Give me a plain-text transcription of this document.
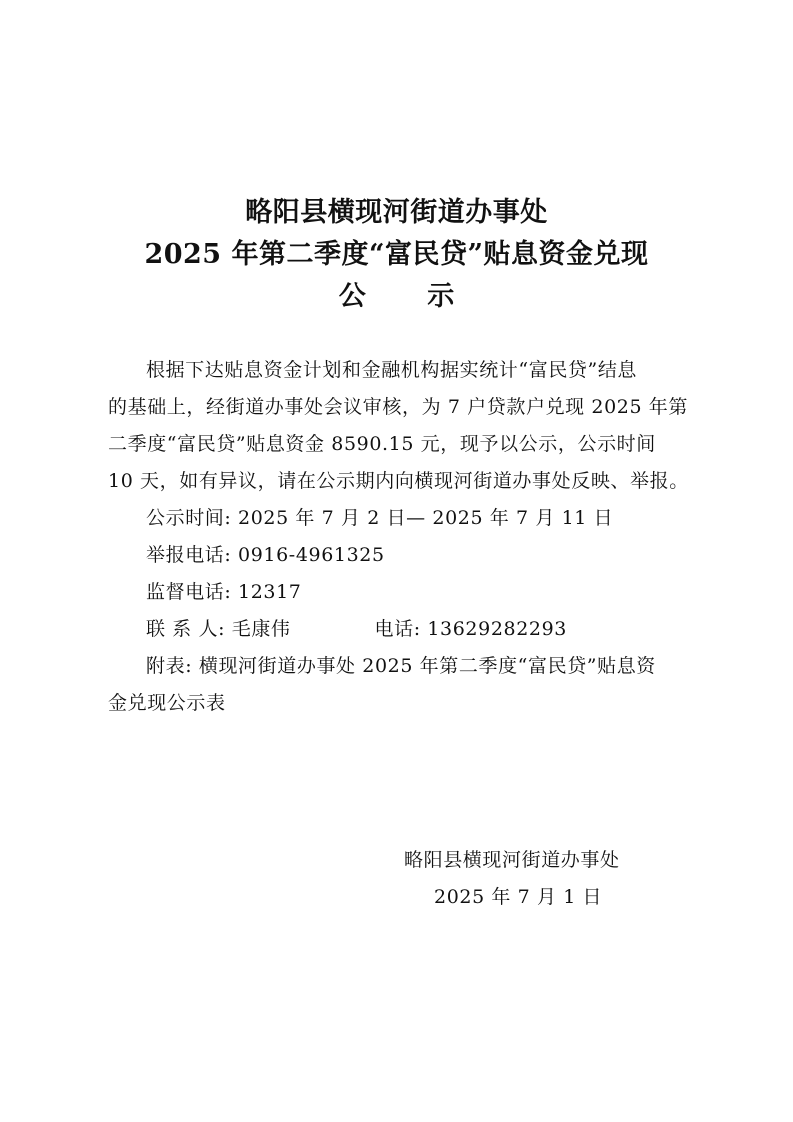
略阳县横现河街道办事处
2025 年第二季度“富民贷”贴息资金兑现
公 示
根据下达贴息资金计划和金融机构据实统计“富民贷”结息
的基础上，经街道办事处会议审核，为 7 户贷款户兑现 2025 年第
二季度“富民贷”贴息资金 8590.15 元，现予以公示，公示时间
10 天，如有异议，请在公示期内向横现河街道办事处反映、举报。
公示时间: 2025 年 7 月 2 日— 2025 年 7 月 11 日
举报电话: 0916-4961325
监督电话: 12317
联 系 人: 毛康伟	电话: 13629282293
附表: 横现河街道办事处 2025 年第二季度“富民贷”贴息资
金兑现公示表
略阳县横现河街道办事处
2025 年 7 月 1 日
